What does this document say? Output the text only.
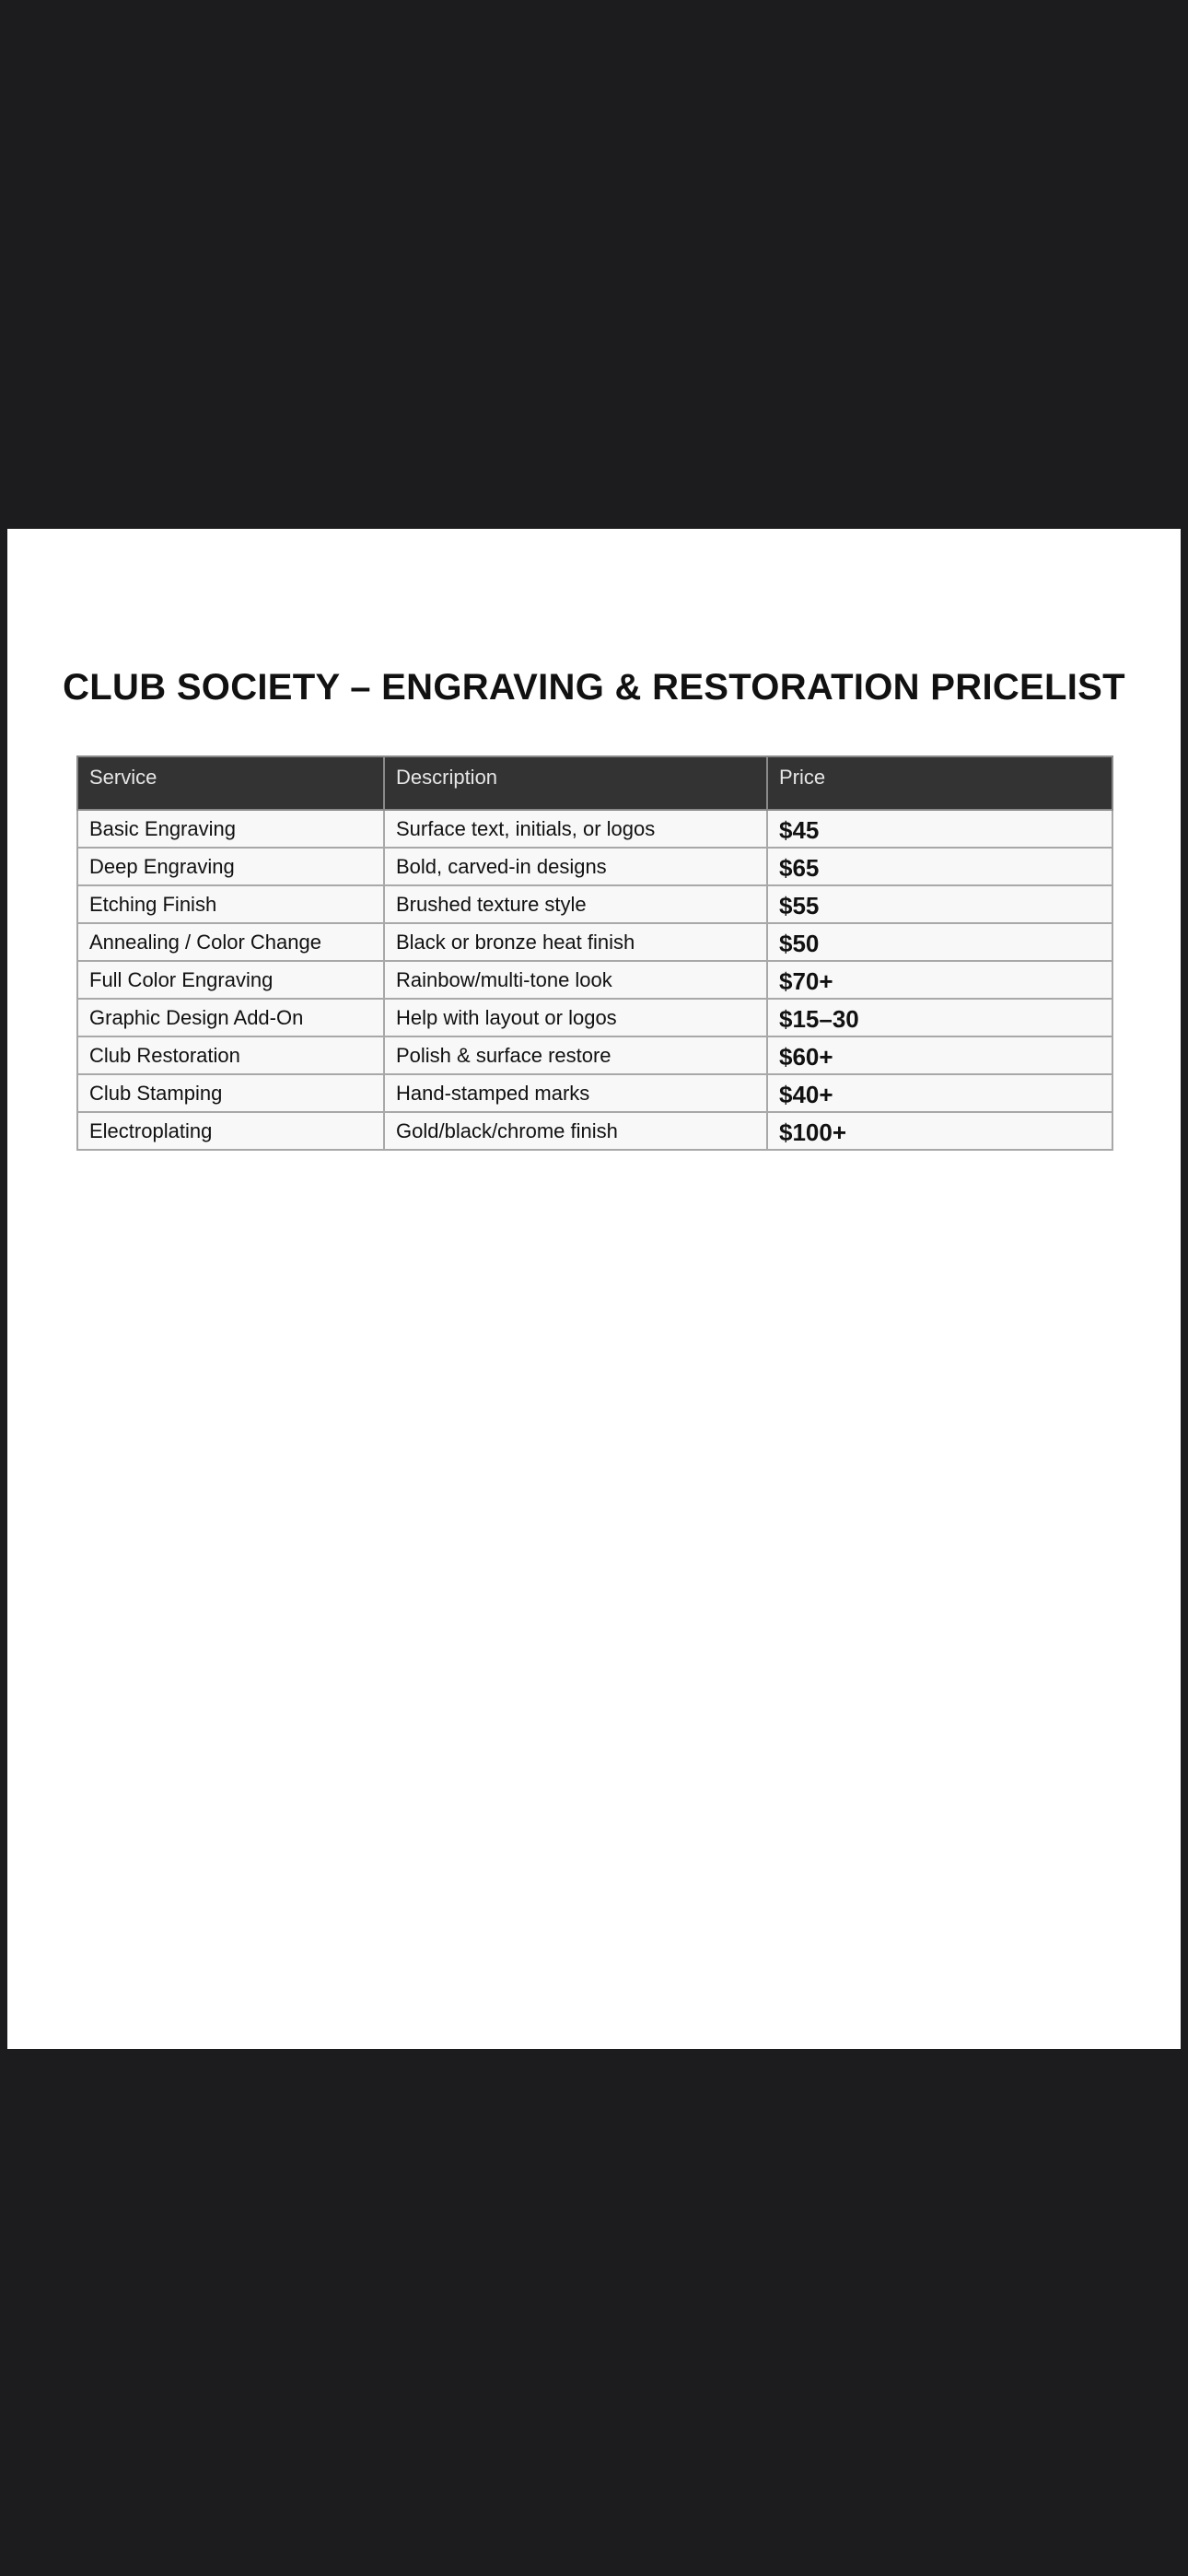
CLUB SOCIETY – ENGRAVING & RESTORATION PRICELIST
Service	Description	Price
Basic Engraving	Surface text, initials, or logos	$45
Deep Engraving	Bold, carved-in designs	$65
Etching Finish	Brushed texture style	$55
Annealing / Color Change	Black or bronze heat finish	$50
Full Color Engraving	Rainbow/multi-tone look	$70+
Graphic Design Add-On	Help with layout or logos	$15–30
Club Restoration	Polish & surface restore	$60+
Club Stamping	Hand-stamped marks	$40+
Electroplating	Gold/black/chrome finish	$100+
